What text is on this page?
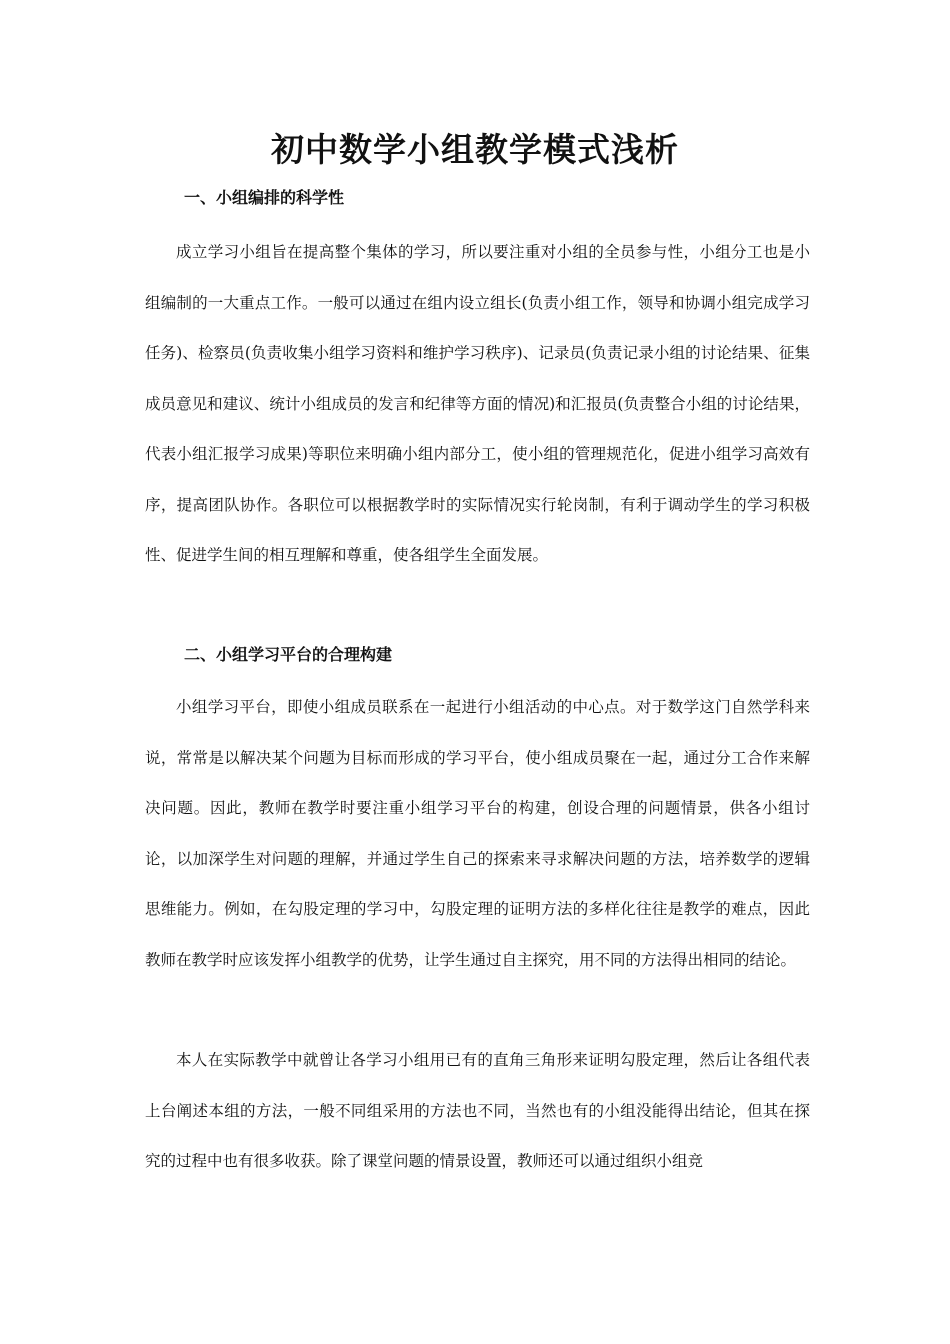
初中数学小组教学模式浅析
一、小组编排的科学性

成立学习小组旨在提高整个集体的学习，所以要注重对小组的全员参与性，小组分工也是小组编制的一大重点工作。一般可以通过在组内设立组长(负责小组工作，领导和协调小组完成学习任务)、检察员(负责收集小组学习资料和维护学习秩序)、记录员(负责记录小组的讨论结果、征集成员意见和建议、统计小组成员的发言和纪律等方面的情况)和汇报员(负责整合小组的讨论结果，代表小组汇报学习成果)等职位来明确小组内部分工，使小组的管理规范化，促进小组学习高效有序，提高团队协作。各职位可以根据教学时的实际情况实行轮岗制，有利于调动学生的学习积极性、促进学生间的相互理解和尊重，使各组学生全面发展。

二、小组学习平台的合理构建

小组学习平台，即使小组成员联系在一起进行小组活动的中心点。对于数学这门自然学科来说，常常是以解决某个问题为目标而形成的学习平台，使小组成员聚在一起，通过分工合作来解决问题。因此，教师在教学时要注重小组学习平台的构建，创设合理的问题情景，供各小组讨论，以加深学生对问题的理解，并通过学生自己的探索来寻求解决问题的方法，培养数学的逻辑思维能力。例如，在勾股定理的学习中，勾股定理的证明方法的多样化往往是教学的难点，因此教师在教学时应该发挥小组教学的优势，让学生通过自主探究，用不同的方法得出相同的结论。

本人在实际教学中就曾让各学习小组用已有的直角三角形来证明勾股定理，然后让各组代表上台阐述本组的方法，一般不同组采用的方法也不同，当然也有的小组没能得出结论，但其在探究的过程中也有很多收获。除了课堂问题的情景设置，教师还可以通过组织小组竞
